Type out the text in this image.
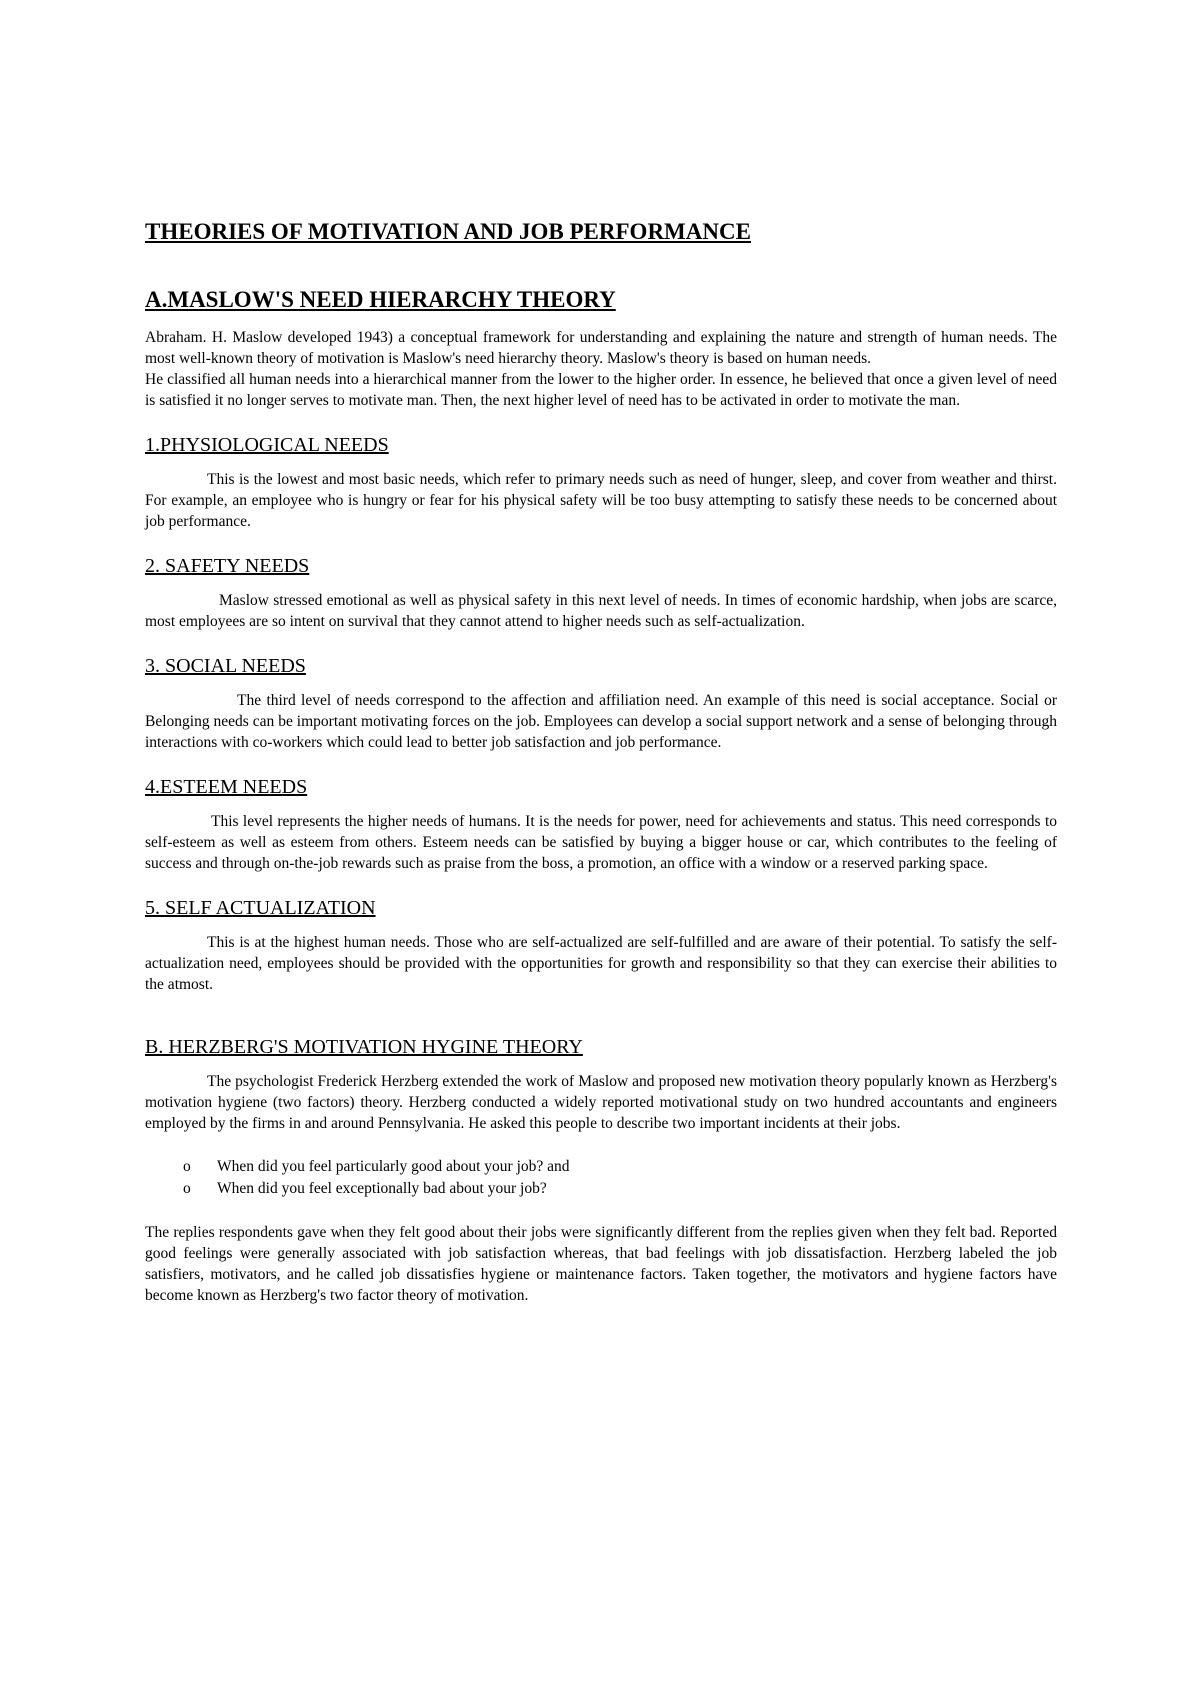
THEORIES OF MOTIVATION AND JOB PERFORMANCE
A.MASLOW'S NEED HIERARCHY THEORY

Abraham. H. Maslow developed 1943) a conceptual framework for understanding and explaining the nature and strength of human needs. The most well-known theory of motivation is Maslow's need hierarchy theory. Maslow's theory is based on human needs.

He classified all human needs into a hierarchical manner from the lower to the higher order. In essence, he believed that once a given level of need is satisfied it no longer serves to motivate man. Then, the next higher level of need has to be activated in order to motivate the man.

1.PHYSIOLOGICAL NEEDS

This is the lowest and most basic needs, which refer to primary needs such as need of hunger, sleep, and cover from weather and thirst. For example, an employee who is hungry or fear for his physical safety will be too busy attempting to satisfy these needs to be concerned about job performance.

2. SAFETY NEEDS

Maslow stressed emotional as well as physical safety in this next level of needs. In times of economic hardship, when jobs are scarce, most employees are so intent on survival that they cannot attend to higher needs such as self-actualization.

3. SOCIAL NEEDS

The third level of needs correspond to the affection and affiliation need. An example of this need is social acceptance. Social or Belonging needs can be important motivating forces on the job. Employees can develop a social support network and a sense of belonging through interactions with co-workers which could lead to better job satisfaction and job performance.

4.ESTEEM NEEDS

This level represents the higher needs of humans. It is the needs for power, need for achievements and status. This need corresponds to self-esteem as well as esteem from others. Esteem needs can be satisfied by buying a bigger house or car, which contributes to the feeling of success and through on-the-job rewards such as praise from the boss, a promotion, an office with a window or a reserved parking space.

5. SELF ACTUALIZATION

This is at the highest human needs. Those who are self-actualized are self-fulfilled and are aware of their potential. To satisfy the self-actualization need, employees should be provided with the opportunities for growth and responsibility so that they can exercise their abilities to the atmost.

B. HERZBERG'S MOTIVATION HYGINE THEORY

The psychologist Frederick Herzberg extended the work of Maslow and proposed new motivation theory popularly known as Herzberg's motivation hygiene (two factors) theory. Herzberg conducted a widely reported motivational study on two hundred accountants and engineers employed by the firms in and around Pennsylvania. He asked this people to describe two important incidents at their jobs.

o	When did you feel particularly good about your job? and
o	When did you feel exceptionally bad about your job?

The replies respondents gave when they felt good about their jobs were significantly different from the replies given when they felt bad. Reported good feelings were generally associated with job satisfaction whereas, that bad feelings with job dissatisfaction. Herzberg labeled the job satisfiers, motivators, and he called job dissatisfies hygiene or maintenance factors. Taken together, the motivators and hygiene factors have become known as Herzberg's two factor theory of motivation.
